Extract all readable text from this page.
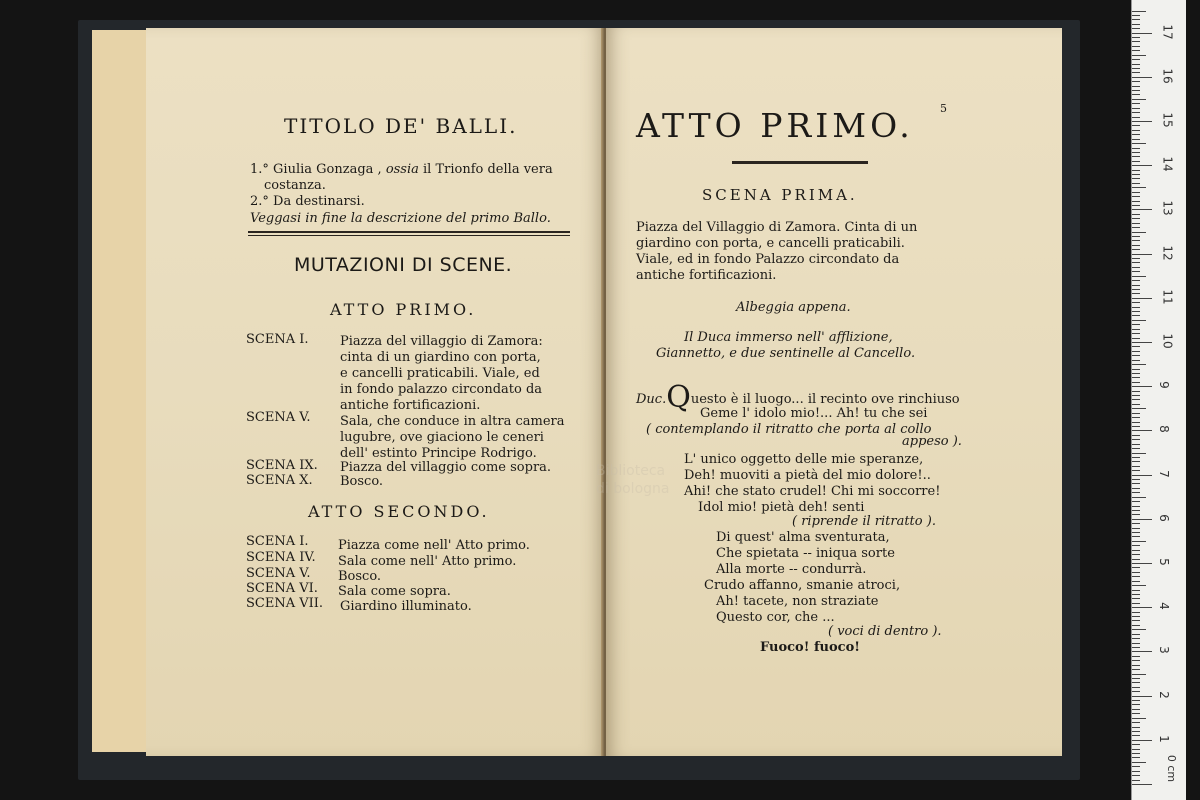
TITOLO DE' BALLI.
1.° Giulia Gonzaga , ossia il Trionfo della vera
costanza.
2.° Da destinarsi.
Veggasi in fine la descrizione del primo Ballo.
MUTAZIONI DI SCENE.
ATTO PRIMO.
SCENA I. Piazza del villaggio di Zamora:
cinta di un giardino con porta,
e cancelli praticabili. Viale, ed
in fondo palazzo circondato da
antiche fortificazioni.
SCENA V. Sala, che conduce in altra camera
lugubre, ove giaciono le ceneri
dell' estinto Principe Rodrigo.
SCENA IX. Piazza del villaggio come sopra.
SCENA X. Bosco.
ATTO SECONDO.
SCENA I. Piazza come nell' Atto primo.
SCENA IV. Sala come nell' Atto primo.
SCENA V. Bosco.
SCENA VI. Sala come sopra.
SCENA VII. Giardino illuminato.
5
ATTO PRIMO.
SCENA PRIMA.
Piazza del Villaggio di Zamora. Cinta di un
giardino con porta, e cancelli praticabili.
Viale, ed in fondo Palazzo circondato da
antiche fortificazioni.
Albeggia appena.
Il Duca immerso nell' afflizione,
Giannetto, e due sentinelle al Cancello.
Duc.Questo è il luogo... il recinto ove rinchiuso
Geme l' idolo mio!... Ah! tu che sei
( contemplando il ritratto che porta al collo
appeso ).
L' unico oggetto delle mie speranze,
Deh! muoviti a pietà del mio dolore!..
Ahi! che stato crudel! Chi mi soccorre!
Idol mio! pietà deh! senti
( riprende il ritratto ).
Di quest' alma sventurata,
Che spietata -- iniqua sorte
Alla morte -- condurrà.
Crudo affanno, smanie atroci,
Ah! tacete, non straziate
Questo cor, che ...
( voci di dentro ).
Fuoco! fuoco!
Biblioteca
di bologna
0 cm
1
2
3
4
5
6
7
8
9
10
11
12
13
14
15
16
17
